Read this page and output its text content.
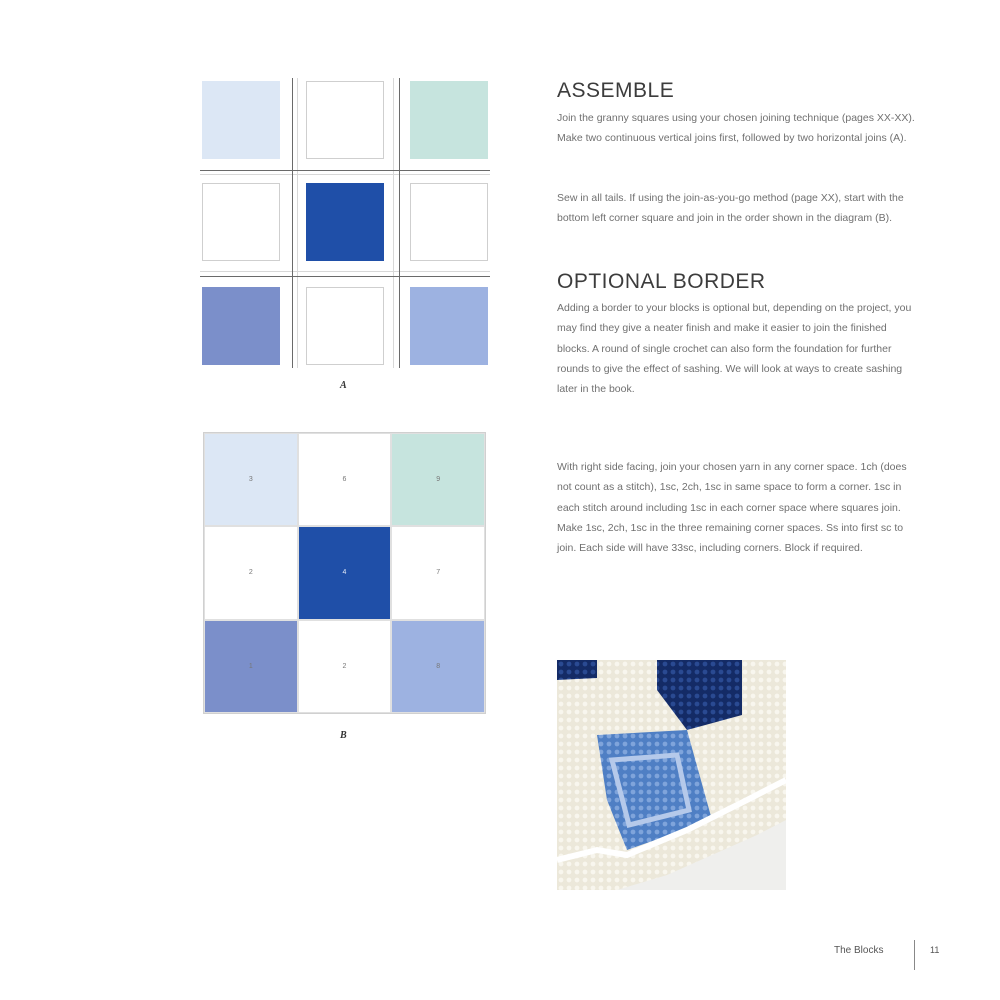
A
3	6	9
2	4	7
1	2	8
B
ASSEMBLE

Join the granny squares using your chosen joining technique (pages XX-XX). Make two continuous vertical joins first, followed by two horizontal joins (A).

Sew in all tails. If using the join-as-you-go method (page XX), start with the bottom left corner square and join in the order shown in the diagram (B).

OPTIONAL BORDER

Adding a border to your blocks is optional but, depending on the project, you may find they give a neater finish and make it easier to join the finished blocks. A round of single crochet can also form the foundation for further rounds to give the effect of sashing. We will look at ways to create sashing later in the book.

With right side facing, join your chosen yarn in any corner space. 1ch (does not count as a stitch), 1sc, 2ch, 1sc in same space to form a corner. 1sc in each stitch around including 1sc in each corner space where squares join. Make 1sc, 2ch, 1sc in the three remaining corner spaces. Ss into first sc to join. Each side will have 33sc, including corners. Block if required.

The Blocks	11
